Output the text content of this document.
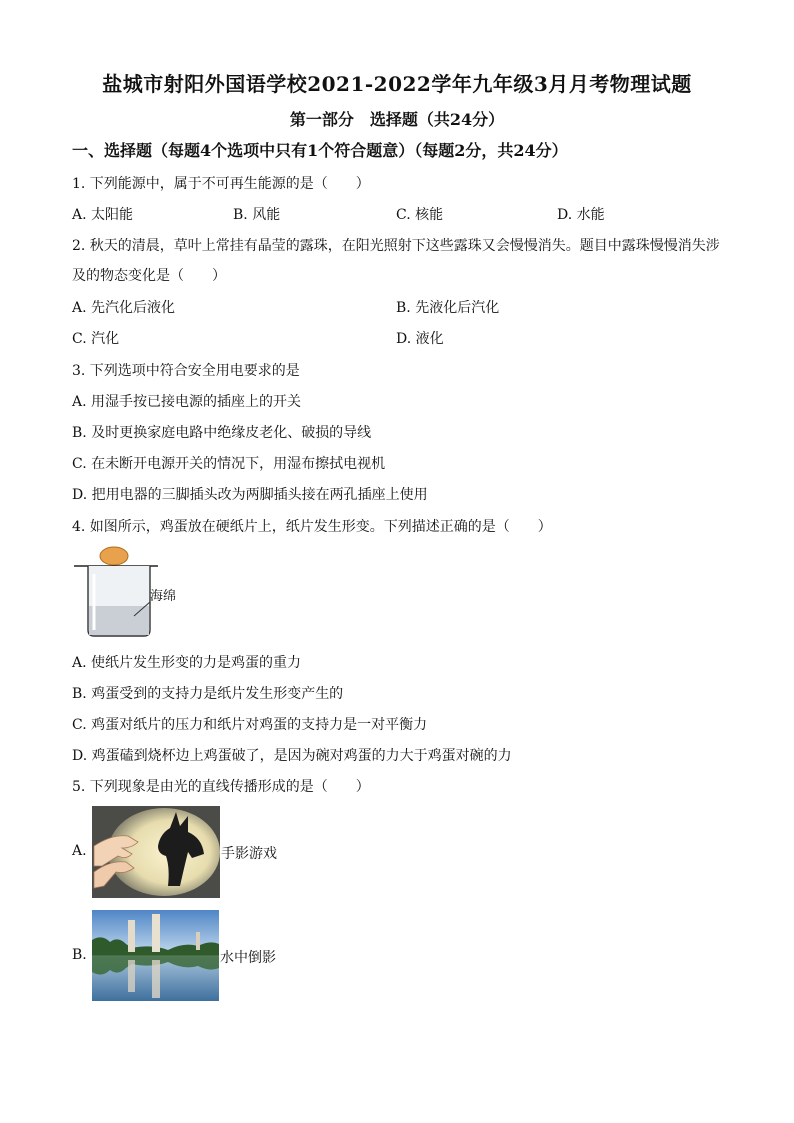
盐城市射阳外国语学校2021-2022学年九年级3月月考物理试题
第一部分　选择题（共24分）
一、选择题（每题4个选项中只有1个符合题意）（每题2分，共24分）
1. 下列能源中，属于不可再生能源的是（　　）
A. 太阳能	B. 风能	C. 核能	D. 水能
2. 秋天的清晨，草叶上常挂有晶莹的露珠，在阳光照射下这些露珠又会慢慢消失。题目中露珠慢慢消失涉
及的物态变化是（　　）
A. 先汽化后液化	B. 先液化后汽化
C. 汽化	D. 液化
3. 下列选项中符合安全用电要求的是
A. 用湿手按已接电源的插座上的开关
B. 及时更换家庭电路中绝缘皮老化、破损的导线
C. 在未断开电源开关的情况下，用湿布擦拭电视机
D. 把用电器的三脚插头改为两脚插头接在两孔插座上使用
4. 如图所示，鸡蛋放在硬纸片上，纸片发生形变。下列描述正确的是（　　）
海绵
A. 使纸片发生形变的力是鸡蛋的重力
B. 鸡蛋受到的支持力是纸片发生形变产生的
C. 鸡蛋对纸片的压力和纸片对鸡蛋的支持力是一对平衡力
D. 鸡蛋磕到烧杯边上鸡蛋破了，是因为碗对鸡蛋的力大于鸡蛋对碗的力
5. 下列现象是由光的直线传播形成的是（　　）
A.	手影游戏
B.	水中倒影
